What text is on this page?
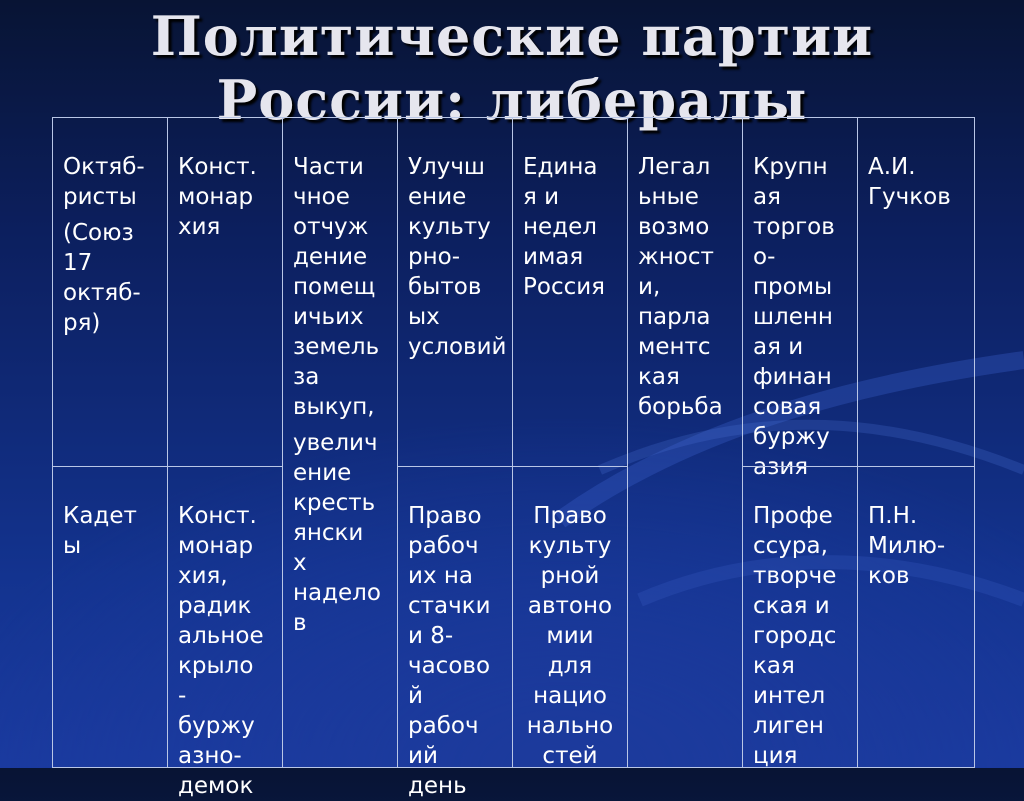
Политические партии
России: либералы

Октяб-
ристы

(Союз
17
октяб-
ря)

Конст.
монар
хия

Части
чное
отчуж
дение
помещ
ичьих
земель
за
выкуп,

увелич
ение
кресть
янски
х
надело
в

Улучш
ение
культу
рно-
бытов
ых
условий

Едина
я и
недел
имая
Россия

Легал
ьные
возмо
жност
и,
парла
ментс
кая
борьба

Крупн
ая
торгов
о-
промы
шленн
ая и
финан
совая
буржу
азия

А.И.
Гучков

Кадет
ы

Конст.
монар
хия,
радик
альное
крыло
-
буржу
азно-
демок

Право
рабоч
их на
стачки
и 8-
часово
й
рабоч
ий
день

Право
культу
рной
автоно
мии
для
нацио
нально
стей

Профе
ссура,
творче
ская и
городс
кая
интел
лиген
ция

П.Н.
Милю-
ков
